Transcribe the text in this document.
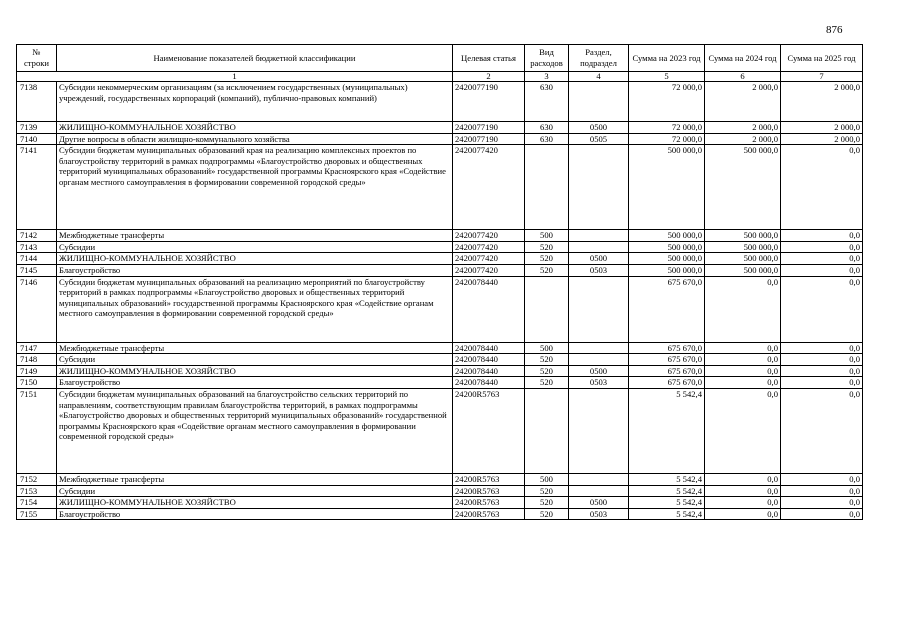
876
№ строки	Наименование показателей бюджетной классификации	Целевая статья	Вид расходов	Раздел, подраздел	Сумма на 2023 год	Сумма на 2024 год	Сумма на 2025 год
1		2	3	4	5	6	7
7138	Субсидии некоммерческим организациям (за исключением государственных (муниципальных) учреждений, государственных корпораций (компаний), публично-правовых компаний)	2420077190	630		72 000,0	2 000,0	2 000,0
7139	ЖИЛИЩНО-КОММУНАЛЬНОЕ ХОЗЯЙСТВО	2420077190	630	0500	72 000,0	2 000,0	2 000,0
7140	Другие вопросы в области жилищно-коммунального хозяйства	2420077190	630	0505	72 000,0	2 000,0	2 000,0
7141	Субсидии бюджетам муниципальных образований края на реализацию комплексных проектов по благоустройству территорий в рамках подпрограммы «Благоустройство дворовых и общественных территорий муниципальных образований» государственной программы Красноярского края «Содействие органам местного самоуправления в формировании современной городской среды»	2420077420			500 000,0	500 000,0	0,0
7142	Межбюджетные трансферты	2420077420	500		500 000,0	500 000,0	0,0
7143	Субсидии	2420077420	520		500 000,0	500 000,0	0,0
7144	ЖИЛИЩНО-КОММУНАЛЬНОЕ ХОЗЯЙСТВО	2420077420	520	0500	500 000,0	500 000,0	0,0
7145	Благоустройство	2420077420	520	0503	500 000,0	500 000,0	0,0
7146	Субсидии бюджетам муниципальных образований на реализацию мероприятий по благоустройству территорий в рамках подпрограммы «Благоустройство дворовых и общественных территорий муниципальных образований» государственной программы Красноярского края «Содействие органам местного самоуправления в формировании современной городской среды»	2420078440			675 670,0	0,0	0,0
7147	Межбюджетные трансферты	2420078440	500		675 670,0	0,0	0,0
7148	Субсидии	2420078440	520		675 670,0	0,0	0,0
7149	ЖИЛИЩНО-КОММУНАЛЬНОЕ ХОЗЯЙСТВО	2420078440	520	0500	675 670,0	0,0	0,0
7150	Благоустройство	2420078440	520	0503	675 670,0	0,0	0,0
7151	Субсидии бюджетам муниципальных образований на благоустройство сельских территорий по направлениям, соответствующим правилам благоустройства территорий, в рамках подпрограммы «Благоустройство дворовых и общественных территорий муниципальных образований» государственной программы Красноярского края «Содействие органам местного самоуправления в формировании современной городской среды»	24200R5763			5 542,4	0,0	0,0
7152	Межбюджетные трансферты	24200R5763	500		5 542,4	0,0	0,0
7153	Субсидии	24200R5763	520		5 542,4	0,0	0,0
7154	ЖИЛИЩНО-КОММУНАЛЬНОЕ ХОЗЯЙСТВО	24200R5763	520	0500	5 542,4	0,0	0,0
7155	Благоустройство	24200R5763	520	0503	5 542,4	0,0	0,0
